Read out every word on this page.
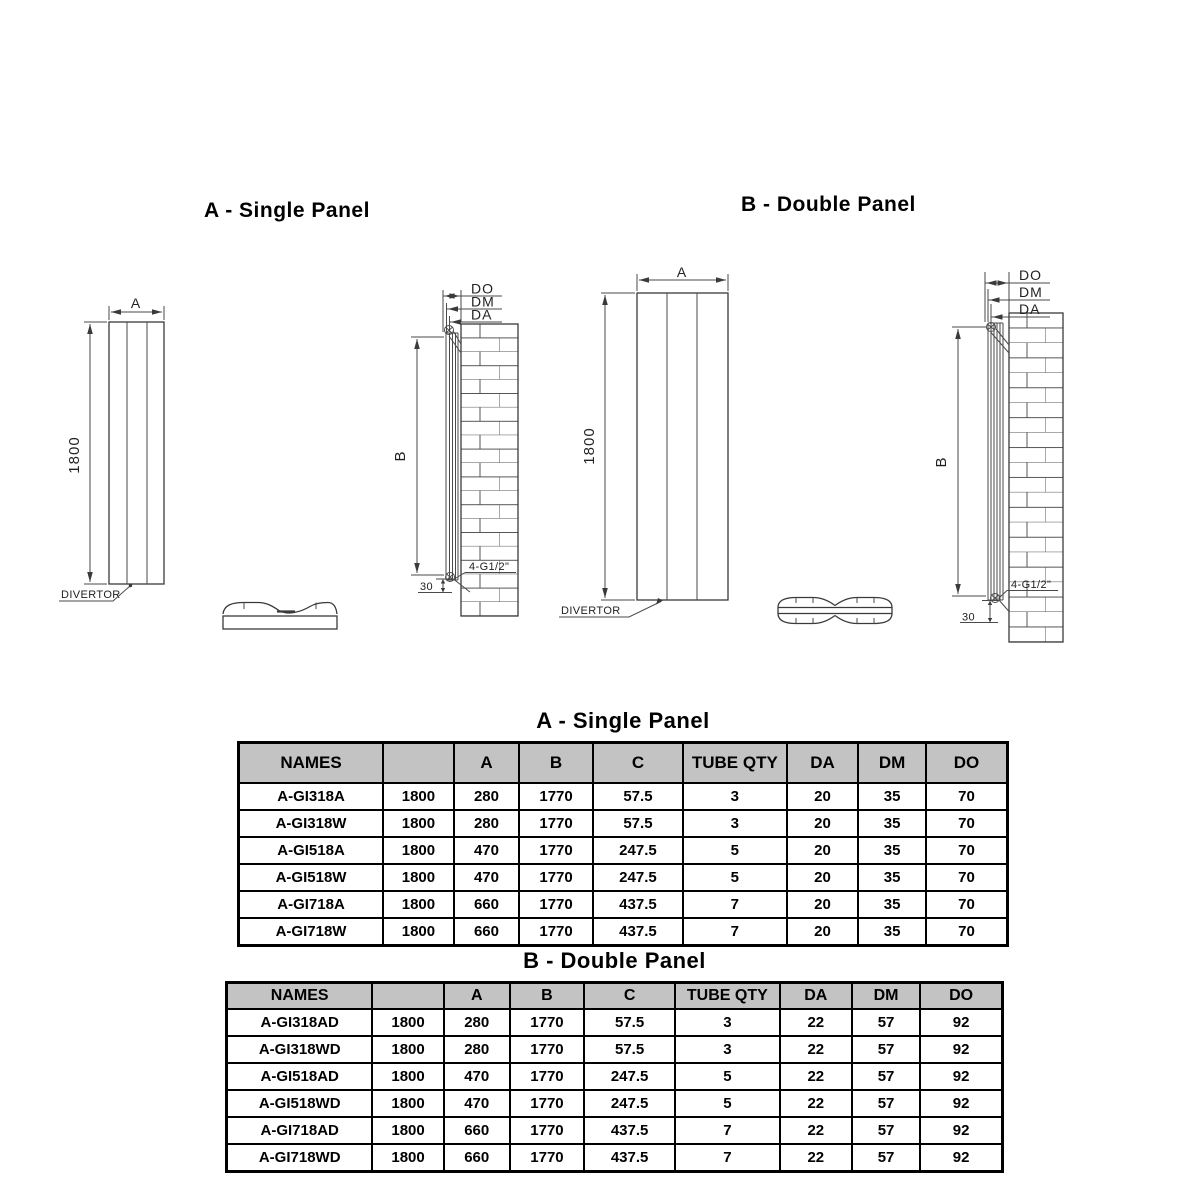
A - Single Panel	B - Double Panel
A
1800
DIVERTOR
B
30
4-G1/2"
DO
DM
DA
A
1800
DIVERTOR
B
DO
DM
DA
4-G1/2"
30
A - Single Panel
NAMES		A	B	C	TUBE QTY	DA	DM	DO
A-GI318A	1800	280	1770	57.5	3	20	35	70
A-GI318W	1800	280	1770	57.5	3	20	35	70
A-GI518A	1800	470	1770	247.5	5	20	35	70
A-GI518W	1800	470	1770	247.5	5	20	35	70
A-GI718A	1800	660	1770	437.5	7	20	35	70
A-GI718W	1800	660	1770	437.5	7	20	35	70
B - Double Panel
NAMES		A	B	C	TUBE QTY	DA	DM	DO
A-GI318AD	1800	280	1770	57.5	3	22	57	92
A-GI318WD	1800	280	1770	57.5	3	22	57	92
A-GI518AD	1800	470	1770	247.5	5	22	57	92
A-GI518WD	1800	470	1770	247.5	5	22	57	92
A-GI718AD	1800	660	1770	437.5	7	22	57	92
A-GI718WD	1800	660	1770	437.5	7	22	57	92
